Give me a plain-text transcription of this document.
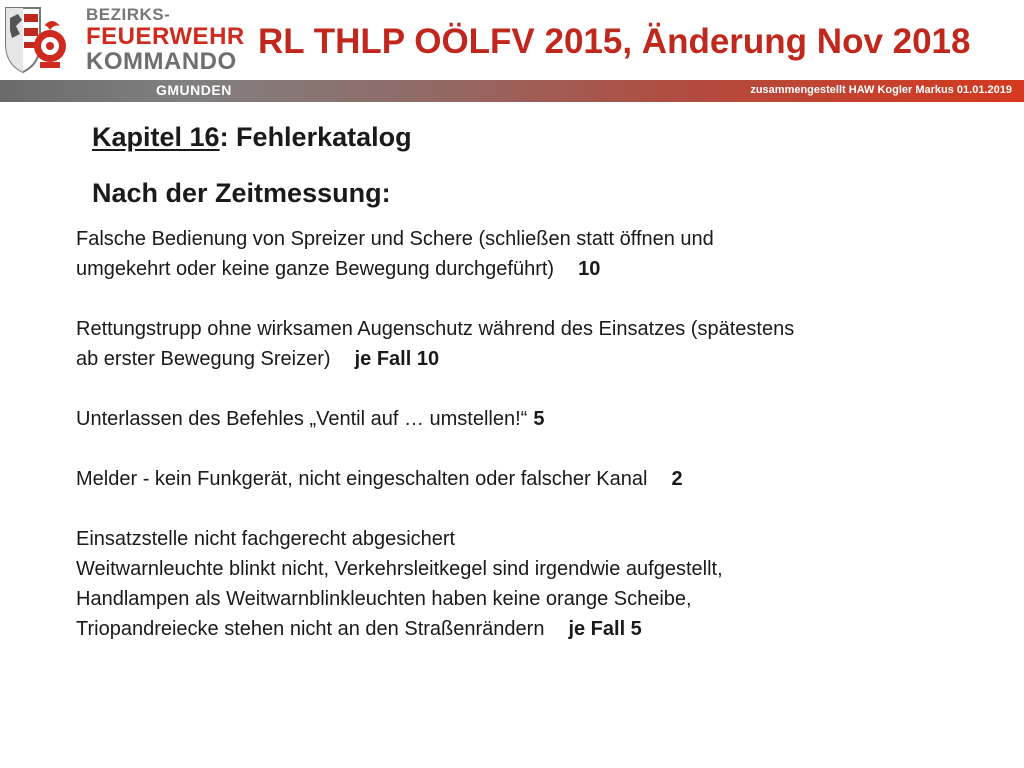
BEZIRKS-
FEUERWEHR
KOMMANDO
RL THLP OÖLFV 2015, Änderung Nov 2018
GMUNDEN	zusammengestellt HAW Kogler Markus 01.01.2019
Kapitel 16: Fehlerkatalog
Nach der Zeitmessung:
Falsche Bedienung von Spreizer und Schere (schließen statt öffnen und
umgekehrt oder keine ganze Bewegung durchgeführt) 10
Rettungstrupp ohne wirksamen Augenschutz während des Einsatzes (spätestens
ab erster Bewegung Sreizer) je Fall 10
Unterlassen des Befehles „Ventil auf … umstellen!“ 5
Melder - kein Funkgerät, nicht eingeschalten oder falscher Kanal 2
Einsatzstelle nicht fachgerecht abgesichert
Weitwarnleuchte blinkt nicht, Verkehrsleitkegel sind irgendwie aufgestellt,
Handlampen als Weitwarnblinkleuchten haben keine orange Scheibe,
Triopandreiecke stehen nicht an den Straßenrändern je Fall 5
